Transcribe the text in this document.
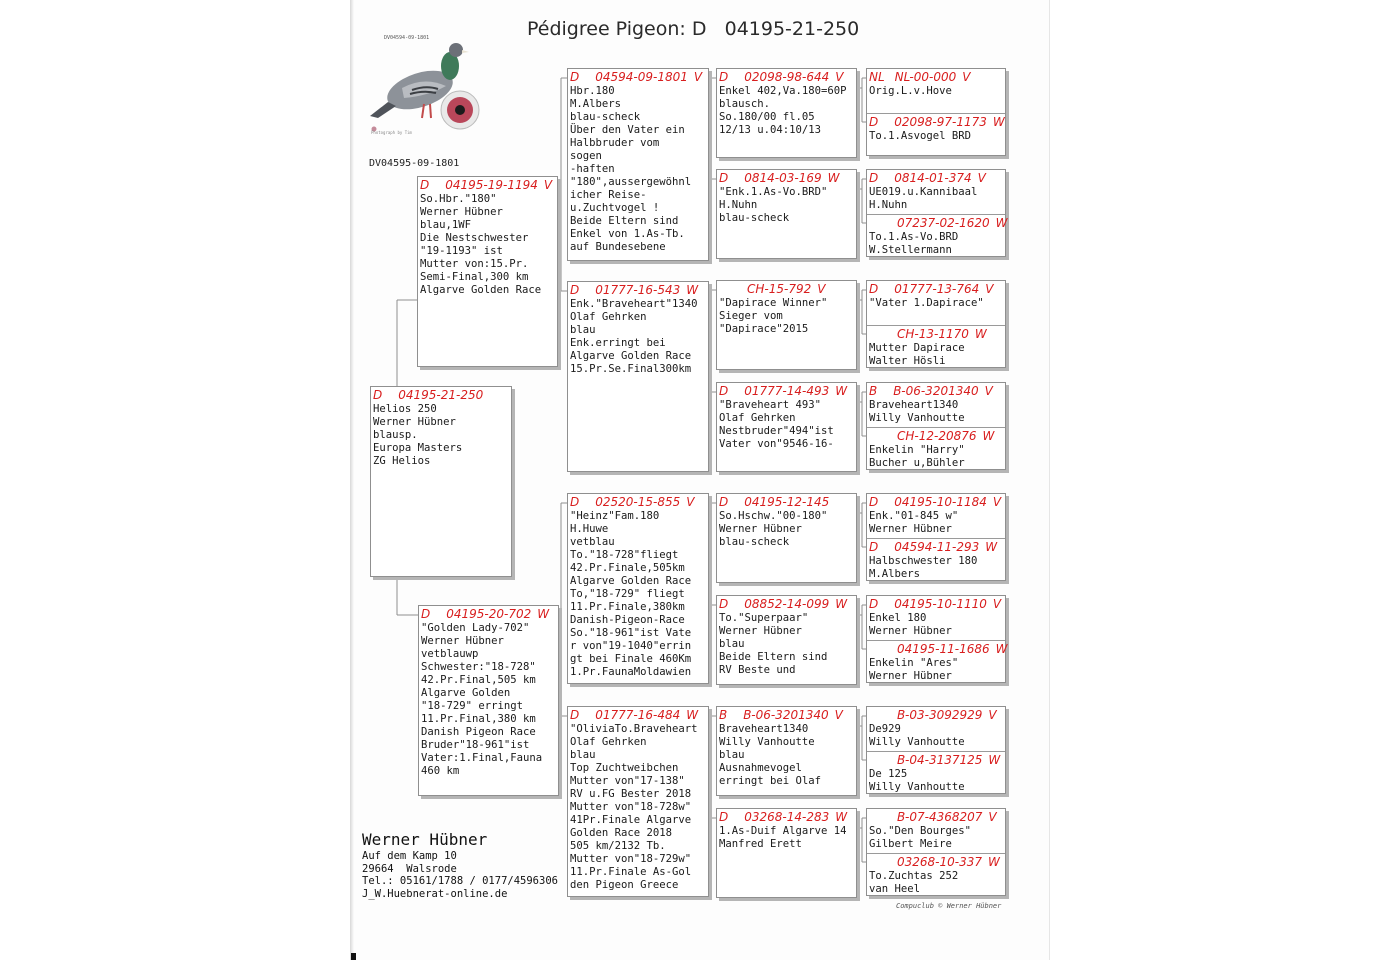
Pédigree Pigeon: D   04195-21-250
DV04594-09-1801
Photograph by Tim
DV04595-09-1801
D 04195-21-250
Helios 250
Werner Hübner
blausp.
Europa Masters
ZG Helios
D 04195-19-1194 V
So.Hbr."180"
Werner Hübner
blau,1WF
Die Nestschwester
"19-1193" ist
Mutter von:15.Pr.
Semi-Final,300 km
Algarve Golden Race
D 04195-20-702 W
"Golden Lady-702"
Werner Hübner
vetblauwp
Schwester:"18-728"
42.Pr.Final,505 km
Algarve Golden
"18-729" erringt
11.Pr.Final,380 km
Danish Pigeon Race
Bruder"18-961"ist
Vater:1.Final,Fauna
460 km
D 04594-09-1801 V
Hbr.180
M.Albers
blau-scheck
Über den Vater ein
Halbbruder vom
sogen
-haften
"180",aussergewöhnl
icher Reise-
u.Zuchtvogel !
Beide Eltern sind
Enkel von 1.As-Tb.
auf Bundesebene
D 01777-16-543 W
Enk."Braveheart"1340
Olaf Gehrken
blau
Enk.erringt bei
Algarve Golden Race
15.Pr.Se.Final300km
D 02520-15-855 V
"Heinz"Fam.180
H.Huwe
vetblau
To."18-728"fliegt
42.Pr.Finale,505km
Algarve Golden Race
To,"18-729" fliegt
11.Pr.Finale,380km
Danish-Pigeon-Race
So."18-961"ist Vate
r von"19-1040"errin
gt bei Finale 460Km
1.Pr.FaunaMoldawien
D 01777-16-484 W
"OliviaTo.Braveheart
Olaf Gehrken
blau
Top Zuchtweibchen
Mutter von"17-138"
RV u.FG Bester 2018
Mutter von"18-728w"
41Pr.Finale Algarve
Golden Race 2018
505 km/2132 Tb.
Mutter von"18-729w"
11.Pr.Finale As-Gol
den Pigeon Greece
D 02098-98-644 V
Enkel 402,Va.180=60P
blausch.
So.180/00 fl.05
12/13 u.04:10/13
D 0814-03-169 W
"Enk.1.As-Vo.BRD"
H.Nuhn
blau-scheck
CH-15-792 V
"Dapirace Winner"
Sieger vom
"Dapirace"2015
D 01777-14-493 W
"Braveheart 493"
Olaf Gehrken
Nestbruder"494"ist
Vater von"9546-16-
D 04195-12-145
So.Hschw."00-180"
Werner Hübner
blau-scheck
D 08852-14-099 W
To."Superpaar"
Werner Hübner
blau
Beide Eltern sind
RV Beste und
B B-06-3201340 V
Braveheart1340
Willy Vanhoutte
blau
Ausnahmevogel
erringt bei Olaf
D 03268-14-283 W
1.As-Duif Algarve 14
Manfred Erett
NL NL-00-000 V
Orig.L.v.Hove
D 02098-97-1173 W
To.1.Asvogel BRD
D 0814-01-374 V
UE019.u.Kannibaal
H.Nuhn
07237-02-1620 W
To.1.As-Vo.BRD
W.Stellermann
D 01777-13-764 V
"Vater 1.Dapirace"
CH-13-1170 W
Mutter Dapirace
Walter Hösli
B B-06-3201340 V
Braveheart1340
Willy Vanhoutte
CH-12-20876 W
Enkelin "Harry"
Bucher u,Bühler
D 04195-10-1184 V
Enk."01-845 w"
Werner Hübner
D 04594-11-293 W
Halbschwester 180
M.Albers
D 04195-10-1110 V
Enkel 180
Werner Hübner
04195-11-1686 W
Enkelin "Ares"
Werner Hübner
B-03-3092929 V
De929
Willy Vanhoutte
B-04-3137125 W
De 125
Willy Vanhoutte
B-07-4368207 V
So."Den Bourges"
Gilbert Meire
03268-10-337 W
To.Zuchtas 252
van Heel
Werner Hübner
Auf dem Kamp 10
29664  Walsrode
Tel.: 05161/1788 / 0177/4596306
J_W.Huebnerat-online.de
Compuclub © Werner Hübner
